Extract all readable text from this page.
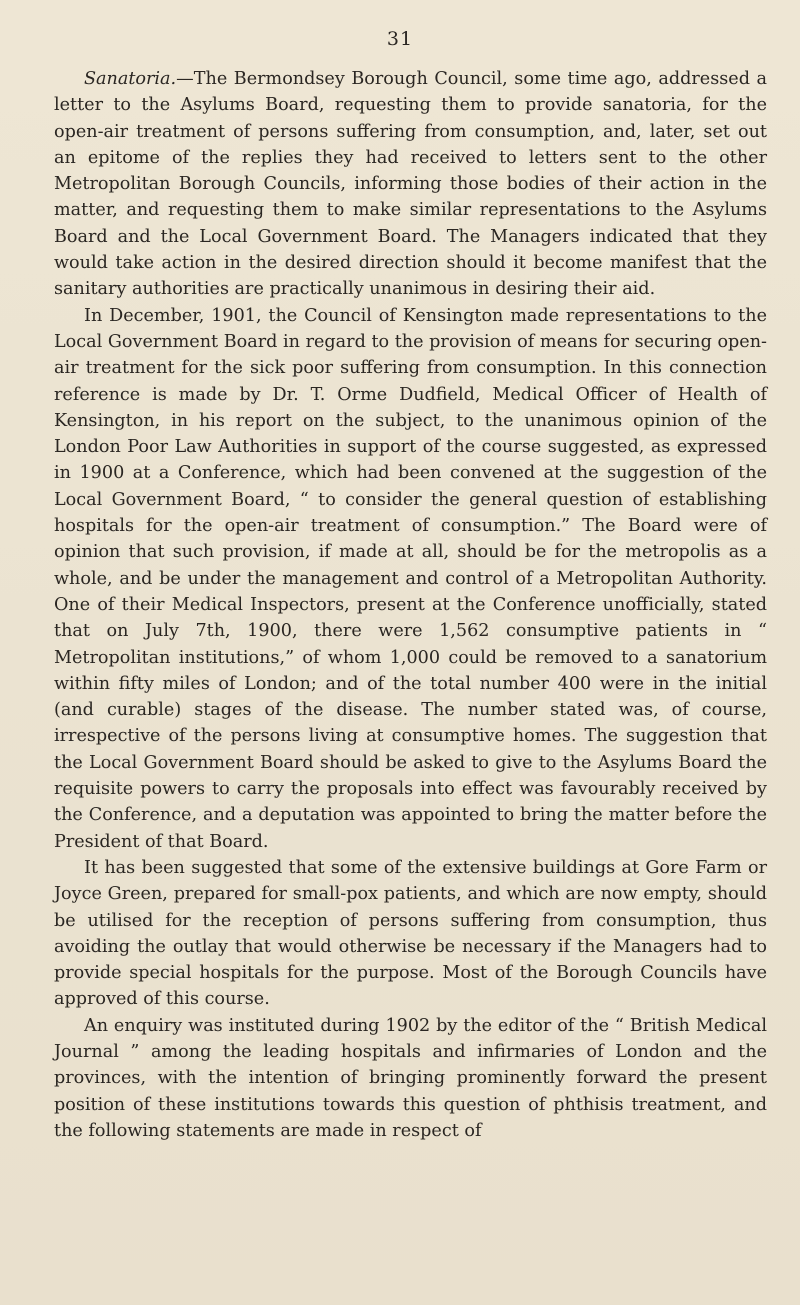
31

Sanatoria.—The Bermondsey Borough Council, some time ago, addressed a letter to the Asylums Board, requesting them to provide sanatoria, for the open-air treatment of persons suffering from consumption, and, later, set out an epitome of the replies they had received to letters sent to the other Metropolitan Borough Councils, informing those bodies of their action in the matter, and requesting them to make similar representations to the Asylums Board and the Local Government Board. The Managers indicated that they would take action in the desired direction should it become manifest that the sanitary authorities are practically unanimous in desiring their aid.

In December, 1901, the Council of Kensington made representations to the Local Government Board in regard to the provision of means for securing open-air treatment for the sick poor suffering from consumption. In this connection reference is made by Dr. T. Orme Dudfield, Medical Officer of Health of Kensington, in his report on the subject, to the unanimous opinion of the London Poor Law Authorities in support of the course suggested, as expressed in 1900 at a Conference, which had been convened at the suggestion of the Local Government Board, “ to consider the general question of establishing hospitals for the open-air treatment of consumption.” The Board were of opinion that such provision, if made at all, should be for the metropolis as a whole, and be under the management and control of a Metropolitan Authority. One of their Medical Inspectors, present at the Conference unofficially, stated that on July 7th, 1900, there were 1,562 consumptive patients in “ Metropolitan institutions,” of whom 1,000 could be removed to a sanatorium within fifty miles of London; and of the total number 400 were in the initial (and curable) stages of the disease. The number stated was, of course, irrespective of the persons living at consumptive homes. The suggestion that the Local Government Board should be asked to give to the Asylums Board the requisite powers to carry the proposals into effect was favourably received by the Conference, and a deputation was appointed to bring the matter before the President of that Board.

It has been suggested that some of the extensive buildings at Gore Farm or Joyce Green, prepared for small-pox patients, and which are now empty, should be utilised for the reception of persons suffering from consumption, thus avoiding the outlay that would otherwise be necessary if the Managers had to provide special hospitals for the purpose. Most of the Borough Councils have approved of this course.

An enquiry was instituted during 1902 by the editor of the “ British Medical Journal ” among the leading hospitals and infirmaries of London and the provinces, with the intention of bringing prominently forward the present position of these institutions towards this question of phthisis treatment, and the following statements are made in respect of
